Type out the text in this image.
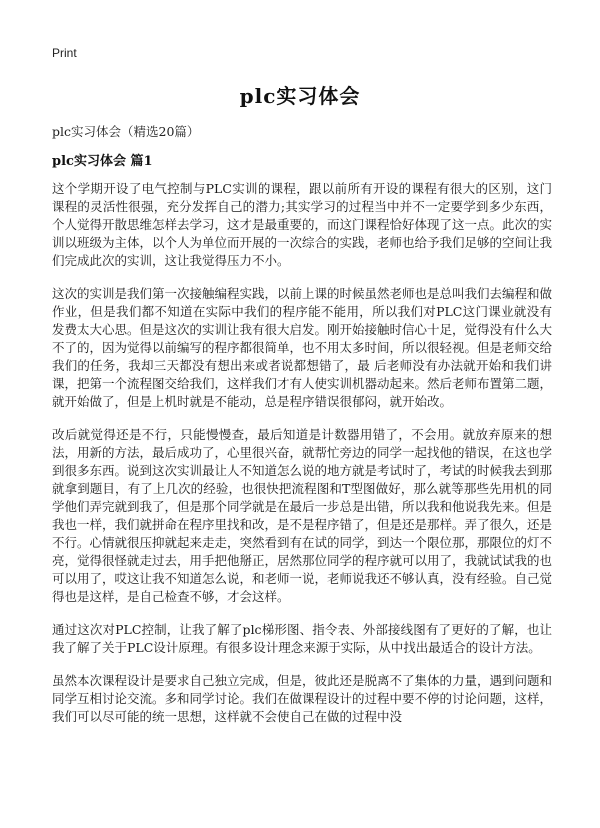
Print
plc实习体会
plc实习体会（精选20篇）
plc实习体会 篇1

这个学期开设了电气控制与PLC实训的课程，跟以前所有开设的课程有很大的区别，这门课程的灵活性很强，充分发挥自己的潜力;其实学习的过程当中并不一定要学到多少东西，个人觉得开散思维怎样去学习，这才是最重要的，而这门课程恰好体现了这一点。此次的实训以班级为主体，以个人为单位而开展的一次综合的实践，老师也给予我们足够的空间让我们完成此次的实训，这让我觉得压力不小。

这次的实训是我们第一次接触编程实践，以前上课的时候虽然老师也是总叫我们去编程和做作业，但是我们都不知道在实际中我们的程序能不能用，所以我们对PLC这门课业就没有发费太大心思。但是这次的实训让我有很大启发。刚开始接触时信心十足，觉得没有什么大不了的，因为觉得以前编写的程序都很简单，也不用太多时间，所以很轻视。但是老师交给我们的任务，我却三天都没有想出来或者说都想错了，最 后老师没有办法就开始和我们讲课，把第一个流程图交给我们，这样我们才有人使实训机器动起来。然后老师布置第二题，就开始做了，但是上机时就是不能动，总是程序错误很郁闷，就开始改。

改后就觉得还是不行，只能慢慢查，最后知道是计数器用错了，不会用。就放弃原来的想法，用新的方法，最后成功了，心里很兴奋，就帮忙旁边的同学一起找他的错误，在这也学到很多东西。说到这次实训最让人不知道怎么说的地方就是考试时了，考试的时候我去到那就拿到题目，有了上几次的经验，也很快把流程图和T型图做好，那么就等那些先用机的同学他们弄完就到我了，但是那个同学就是在最后一步总是出错，所以我和他说我先来。但是我也一样，我们就拼命在程序里找和改，是不是程序错了，但是还是那样。弄了很久，还是不行。心情就很压抑就起来走走，突然看到有在试的同学，到达一个限位那，那限位的灯不亮，觉得很怪就走过去，用手把他掰正，居然那位同学的程序就可以用了，我就试试我的也可以用了，哎这让我不知道怎么说，和老师一说，老师说我还不够认真，没有经验。自己觉得也是这样，是自己检查不够，才会这样。

通过这次对PLC控制，让我了解了plc梯形图、指令表、外部接线图有了更好的了解，也让我了解了关于PLC设计原理。有很多设计理念来源于实际，从中找出最适合的设计方法。

虽然本次课程设计是要求自己独立完成，但是，彼此还是脱离不了集体的力量，遇到问题和同学互相讨论交流。多和同学讨论。我们在做课程设计的过程中要不停的讨论问题，这样，我们可以尽可能的统一思想，这样就不会使自己在做的过程中没
